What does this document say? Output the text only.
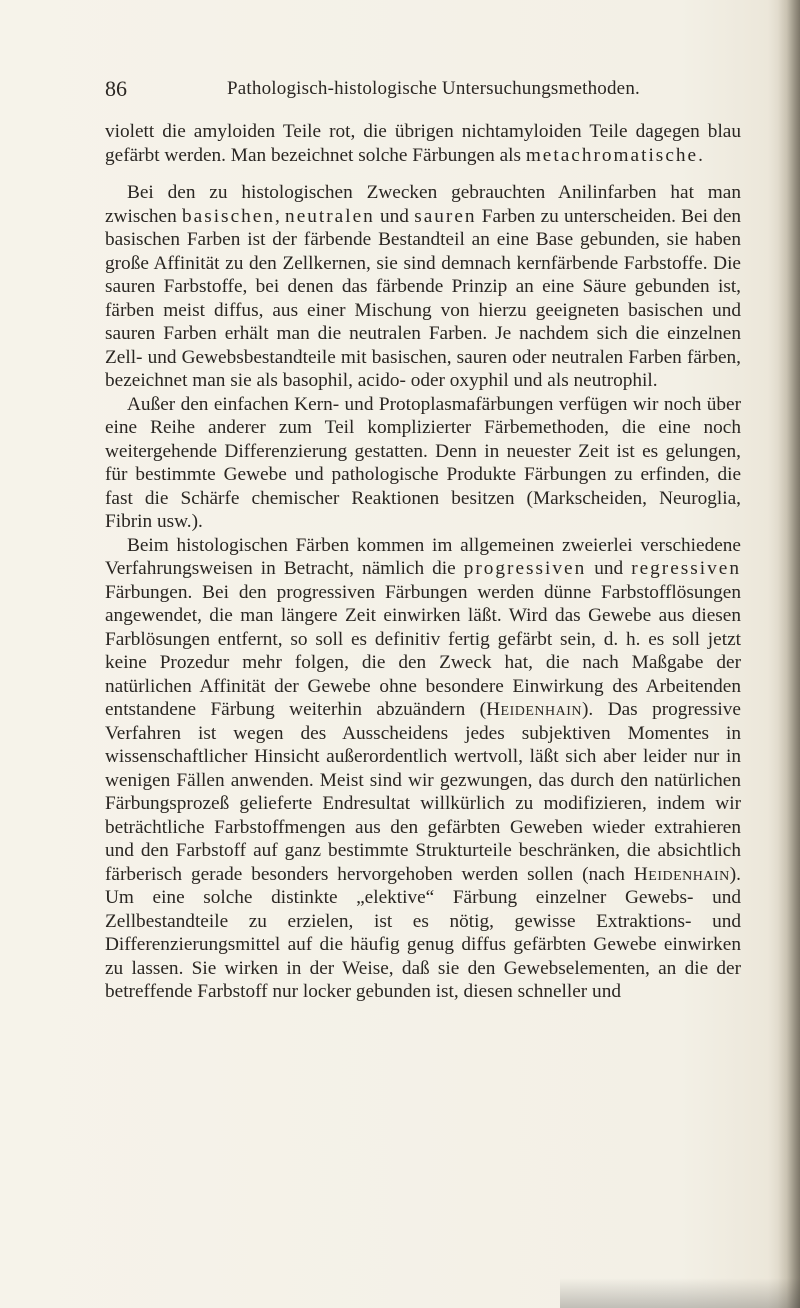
86	Pathologisch-histologische Untersuchungsmethoden.

violett die amyloiden Teile rot, die übrigen nichtamyloiden Teile dagegen blau gefärbt werden. Man bezeichnet solche Färbungen als metachromatische.

Bei den zu histologischen Zwecken gebrauchten Anilinfarben hat man zwischen basischen, neutralen und sauren Farben zu unterscheiden. Bei den basischen Farben ist der färbende Bestandteil an eine Base gebunden, sie haben große Affinität zu den Zellkernen, sie sind demnach kernfärbende Farbstoffe. Die sauren Farbstoffe, bei denen das färbende Prinzip an eine Säure gebunden ist, färben meist diffus, aus einer Mischung von hierzu geeigneten basischen und sauren Farben erhält man die neutralen Farben. Je nachdem sich die einzelnen Zell- und Gewebsbestandteile mit basischen, sauren oder neutralen Farben färben, bezeichnet man sie als basophil, acido- oder oxyphil und als neutrophil.

Außer den einfachen Kern- und Protoplasmafärbungen verfügen wir noch über eine Reihe anderer zum Teil komplizierter Färbemethoden, die eine noch weitergehende Differenzierung gestatten. Denn in neuester Zeit ist es gelungen, für bestimmte Gewebe und pathologische Produkte Färbungen zu erfinden, die fast die Schärfe chemischer Reaktionen besitzen (Markscheiden, Neuroglia, Fibrin usw.).

Beim histologischen Färben kommen im allgemeinen zweierlei verschiedene Verfahrungsweisen in Betracht, nämlich die progressiven und regressiven Färbungen. Bei den progressiven Färbungen werden dünne Farbstofflösungen angewendet, die man längere Zeit einwirken läßt. Wird das Gewebe aus diesen Farblösungen entfernt, so soll es definitiv fertig gefärbt sein, d. h. es soll jetzt keine Prozedur mehr folgen, die den Zweck hat, die nach Maßgabe der natürlichen Affinität der Gewebe ohne besondere Einwirkung des Arbeitenden entstandene Färbung weiterhin abzuändern (Heidenhain). Das progressive Verfahren ist wegen des Ausscheidens jedes subjektiven Momentes in wissenschaftlicher Hinsicht außerordentlich wertvoll, läßt sich aber leider nur in wenigen Fällen anwenden. Meist sind wir gezwungen, das durch den natürlichen Färbungsprozeß gelieferte Endresultat willkürlich zu modifizieren, indem wir beträchtliche Farbstoffmengen aus den gefärbten Geweben wieder extrahieren und den Farbstoff auf ganz bestimmte Strukturteile beschränken, die absichtlich färberisch gerade besonders hervorgehoben werden sollen (nach Heidenhain). Um eine solche distinkte „elektive“ Färbung einzelner Gewebs- und Zellbestandteile zu erzielen, ist es nötig, gewisse Extraktions- und Differenzierungsmittel auf die häufig genug diffus gefärbten Gewebe einwirken zu lassen. Sie wirken in der Weise, daß sie den Gewebselementen, an die der betreffende Farbstoff nur locker gebunden ist, diesen schneller und
